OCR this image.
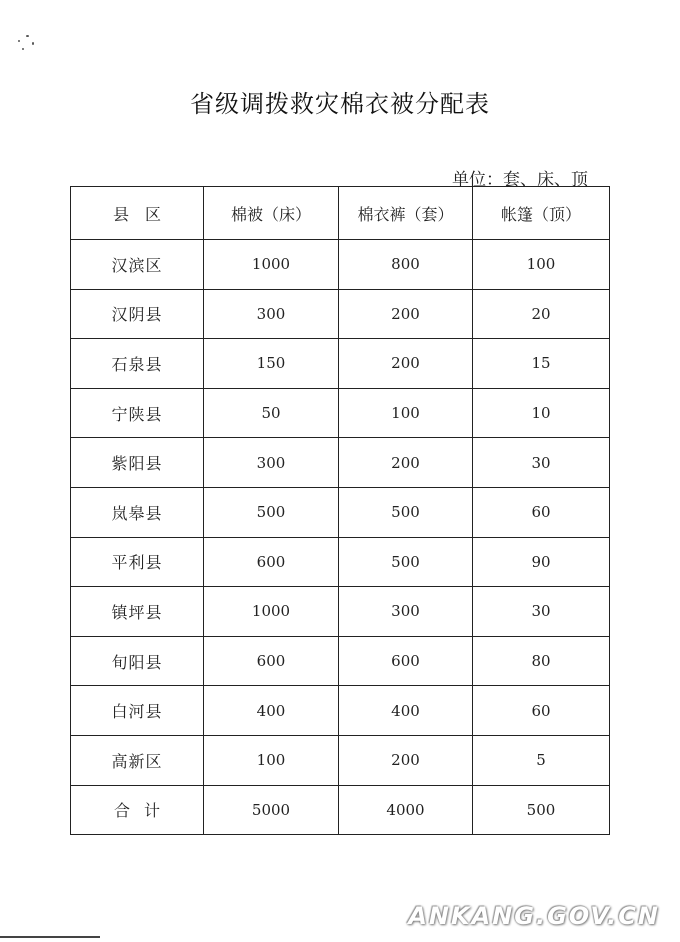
省级调拨救灾棉衣被分配表
单位：套、床、顶
县　区	棉被（床）	棉衣裤（套）	帐篷（顶）
汉滨区	1000	800	100
汉阴县	300	200	20
石泉县	150	200	15
宁陕县	50	100	10
紫阳县	300	200	30
岚皋县	500	500	60
平利县	600	500	90
镇坪县	1000	300	30
旬阳县	600	600	80
白河县	400	400	60
高新区	100	200	5
合计	5000	4000	500
ANKANG.GOV.CN
